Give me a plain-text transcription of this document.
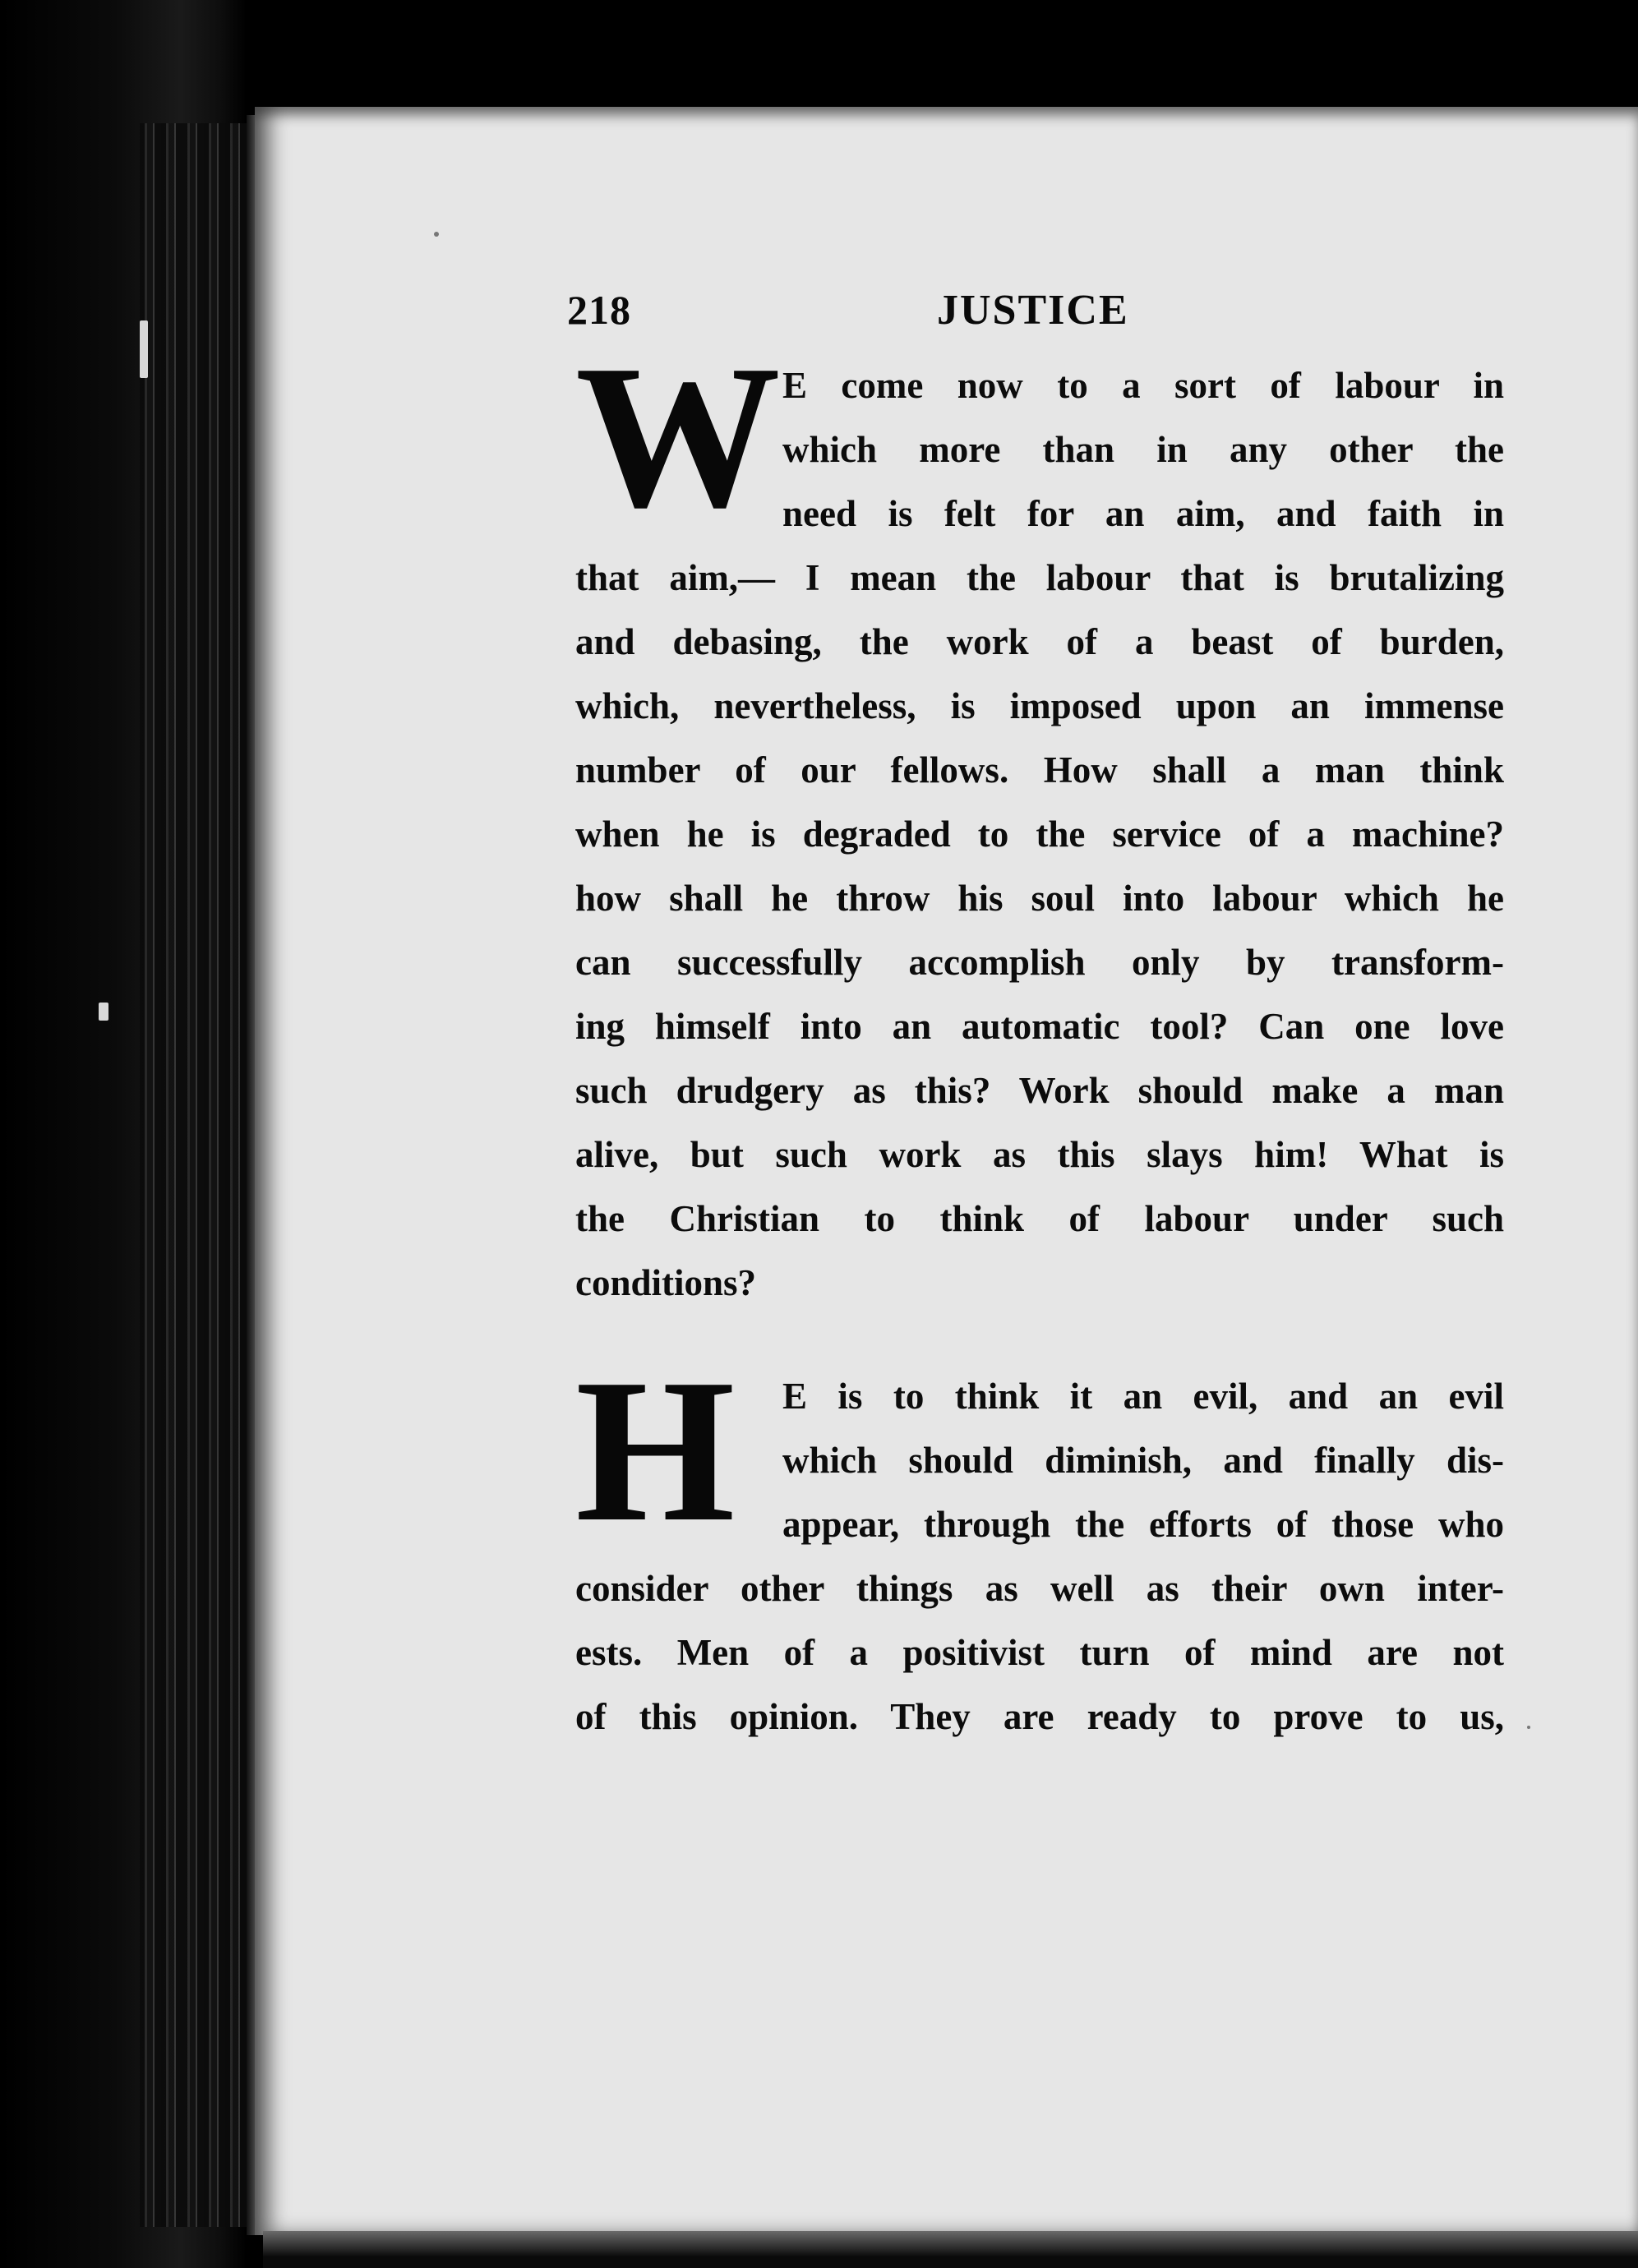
218	JUSTICE
W E come now to a sort of labour in
which more than in any other the
need is felt for an aim, and faith in
that aim,— I mean the labour that is brutalizing
and debasing, the work of a beast of burden,
which, nevertheless, is imposed upon an immense
number of our fellows. How shall a man think
when he is degraded to the service of a machine?
how shall he throw his soul into labour which he
can successfully accomplish only by transform-
ing himself into an automatic tool? Can one love
such drudgery as this? Work should make a man
alive, but such work as this slays him! What is
the Christian to think of labour under such
conditions?
H E is to think it an evil, and an evil
which should diminish, and finally dis-
appear, through the efforts of those who
consider other things as well as their own inter-
ests. Men of a positivist turn of mind are not
of this opinion. They are ready to prove to us,
